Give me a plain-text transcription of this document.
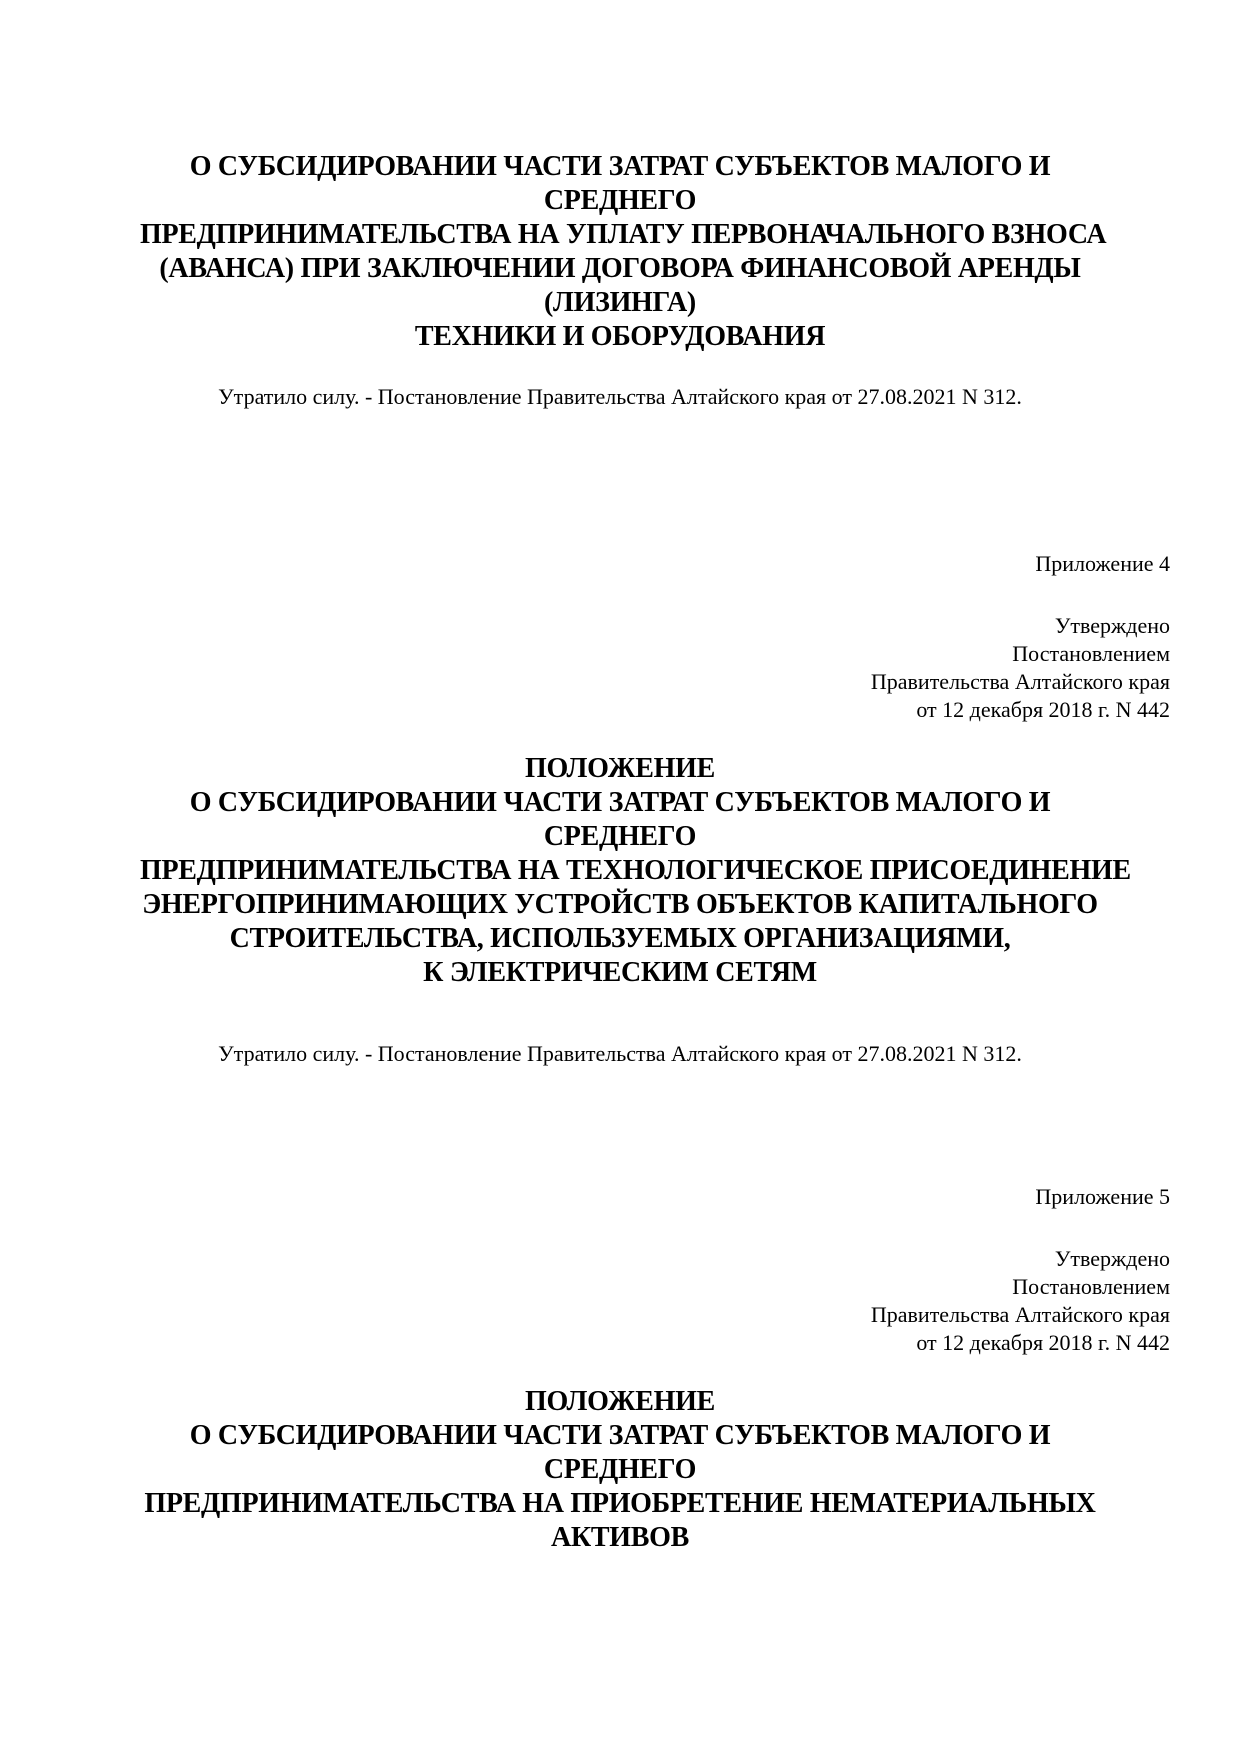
О СУБСИДИРОВАНИИ ЧАСТИ ЗАТРАТ СУБЪЕКТОВ МАЛОГО И
СРЕДНЕГО
ПРЕДПРИНИМАТЕЛЬСТВА НА УПЛАТУ ПЕРВОНАЧАЛЬНОГО ВЗНОСА
(АВАНСА) ПРИ ЗАКЛЮЧЕНИИ ДОГОВОРА ФИНАНСОВОЙ АРЕНДЫ
(ЛИЗИНГА)
ТЕХНИКИ И ОБОРУДОВАНИЯ
Утратило силу. - Постановление Правительства Алтайского края от 27.08.2021 N 312.
Приложение 4
Утверждено
Постановлением
Правительства Алтайского края
от 12 декабря 2018 г. N 442
ПОЛОЖЕНИЕ
О СУБСИДИРОВАНИИ ЧАСТИ ЗАТРАТ СУБЪЕКТОВ МАЛОГО И
СРЕДНЕГО
ПРЕДПРИНИМАТЕЛЬСТВА НА ТЕХНОЛОГИЧЕСКОЕ ПРИСОЕДИНЕНИЕ
ЭНЕРГОПРИНИМАЮЩИХ УСТРОЙСТВ ОБЪЕКТОВ КАПИТАЛЬНОГО
СТРОИТЕЛЬСТВА, ИСПОЛЬЗУЕМЫХ ОРГАНИЗАЦИЯМИ,
К ЭЛЕКТРИЧЕСКИМ СЕТЯМ
Утратило силу. - Постановление Правительства Алтайского края от 27.08.2021 N 312.
Приложение 5
Утверждено
Постановлением
Правительства Алтайского края
от 12 декабря 2018 г. N 442
ПОЛОЖЕНИЕ
О СУБСИДИРОВАНИИ ЧАСТИ ЗАТРАТ СУБЪЕКТОВ МАЛОГО И
СРЕДНЕГО
ПРЕДПРИНИМАТЕЛЬСТВА НА ПРИОБРЕТЕНИЕ НЕМАТЕРИАЛЬНЫХ
АКТИВОВ
